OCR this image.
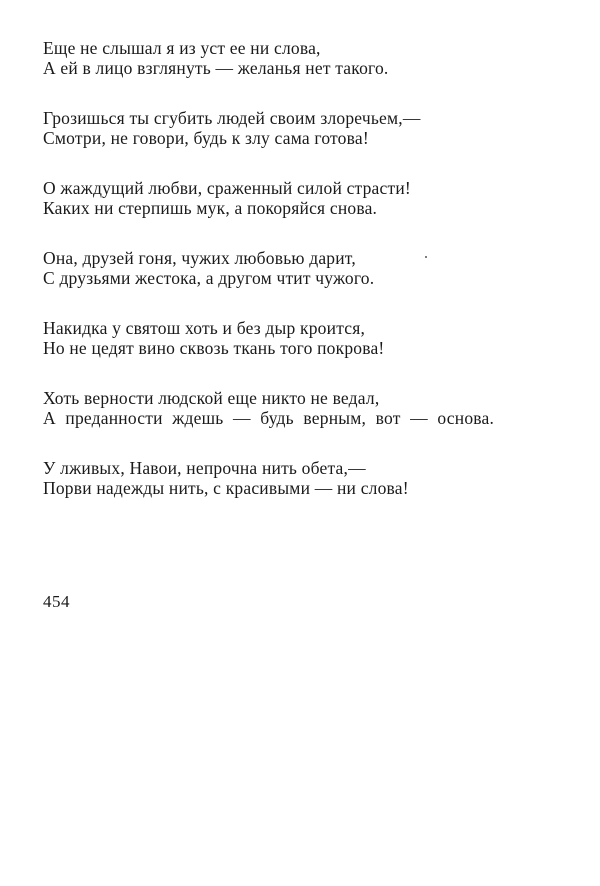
Еще не слышал я из уст ее ни слова,
А ей в лицо взглянуть — желанья нет такого.
Грозишься ты сгубить людей своим злоречьем,—
Смотри, не говори, будь к злу сама готова!
О жаждущий любви, сраженный силой страсти!
Каких ни стерпишь мук, а покоряйся снова.
Она, друзей гоня, чужих любовью дарит,
С друзьями жестока, а другом чтит чужого.
Накидка у святош хоть и без дыр кроится,
Но не цедят вино сквозь ткань того покрова!
Хоть верности людской еще никто не ведал,
А преданности ждешь — будь верным, вот — основа.
У лживых, Навои, непрочна нить обета,—
Порви надежды нить, с красивыми — ни слова!
454
